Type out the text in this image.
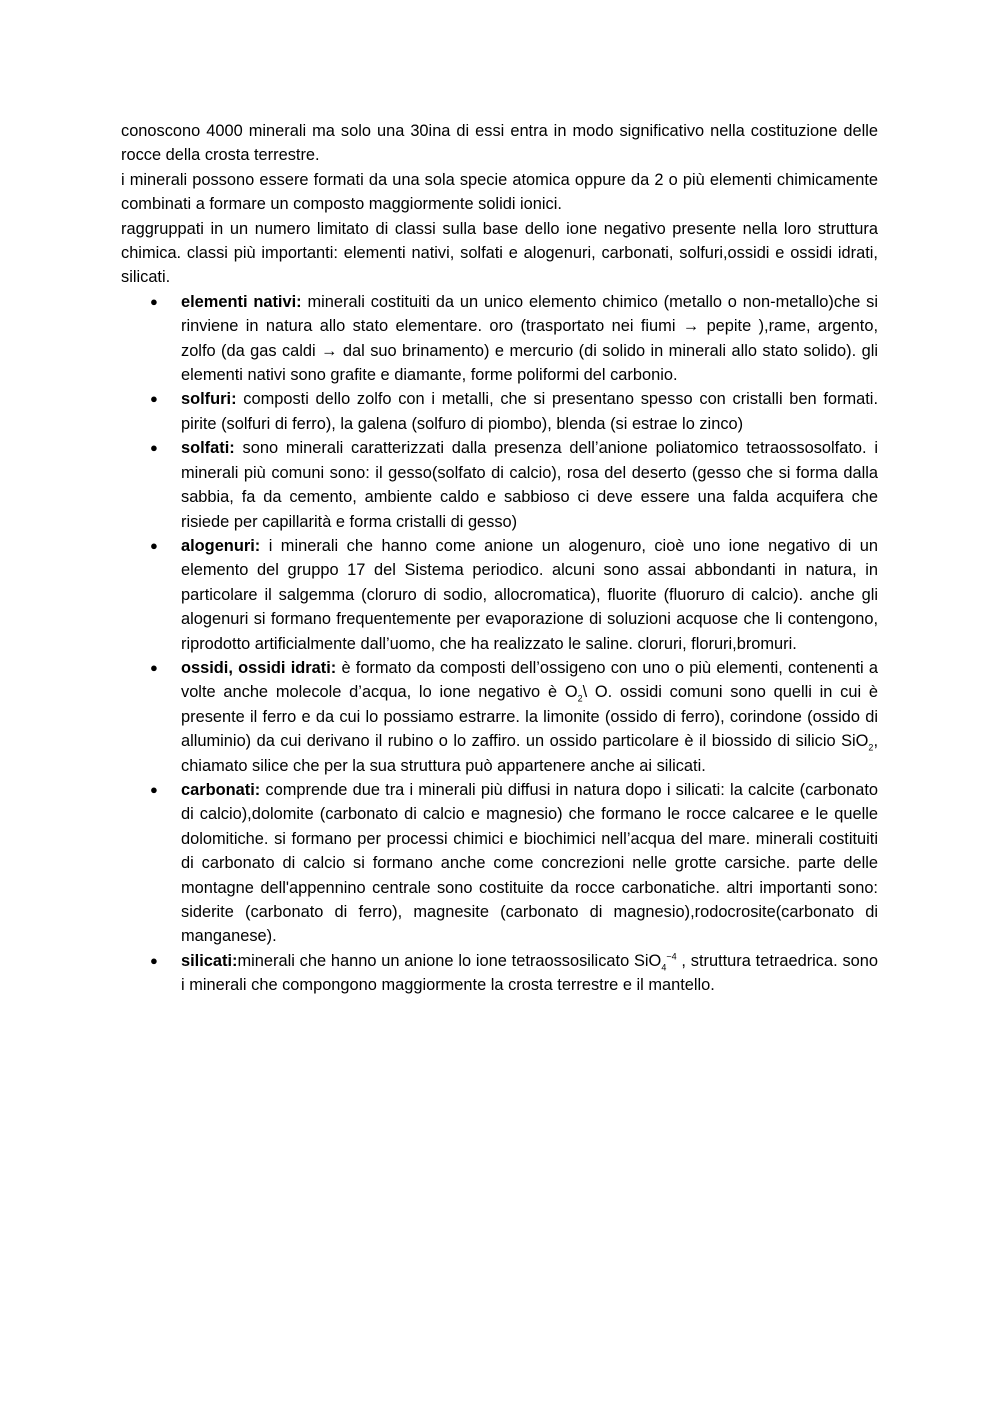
conoscono 4000 minerali ma solo una 30ina di essi entra in modo significativo nella costituzione delle rocce della crosta terrestre.

i minerali possono essere formati da una sola specie atomica oppure da 2 o più elementi chimicamente combinati a formare un composto maggiormente solidi ionici.

raggruppati in un numero limitato di classi sulla base dello ione negativo presente nella loro struttura chimica. classi più importanti: elementi nativi, solfati e alogenuri, carbonati, solfuri,ossidi e ossidi idrati, silicati.

● elementi nativi: minerali costituiti da un unico elemento chimico (metallo o non-metallo)che si rinviene in natura allo stato elementare. oro (trasportato nei fiumi → pepite ),rame, argento, zolfo (da gas caldi → dal suo brinamento) e mercurio (di solido in minerali allo stato solido). gli elementi nativi sono grafite e diamante, forme poliformi del carbonio.
● solfuri: composti dello zolfo con i metalli, che si presentano spesso con cristalli ben formati. pirite (solfuri di ferro), la galena (solfuro di piombo), blenda (si estrae lo zinco)
● solfati: sono minerali caratterizzati dalla presenza dell’anione poliatomico tetraossosolfato. i minerali più comuni sono: il gesso(solfato di calcio), rosa del deserto (gesso che si forma dalla sabbia, fa da cemento, ambiente caldo e sabbioso ci deve essere una falda acquifera che risiede per capillarità e forma cristalli di gesso)
● alogenuri: i minerali che hanno come anione un alogenuro, cioè uno ione negativo di un elemento del gruppo 17 del Sistema periodico. alcuni sono assai abbondanti in natura, in particolare il salgemma (cloruro di sodio, allocromatica), fluorite (fluoruro di calcio). anche gli alogenuri si formano frequentemente per evaporazione di soluzioni acquose che li contengono, riprodotto artificialmente dall’uomo, che ha realizzato le saline. cloruri, floruri,bromuri.
● ossidi, ossidi idrati: è formato da composti dell’ossigeno con uno o più elementi, contenenti a volte anche molecole d’acqua, lo ione negativo è $O_2\backslash$ O. ossidi comuni sono quelli in cui è presente il ferro e da cui lo possiamo estrarre. la limonite (ossido di ferro), corindone (ossido di alluminio) da cui derivano il rubino o lo zaffiro. un ossido particolare è il biossido di silicio SiO$_2$, chiamato silice che per la sua struttura può appartenere anche ai silicati.
● carbonati: comprende due tra i minerali più diffusi in natura dopo i silicati: la calcite (carbonato di calcio),dolomite (carbonato di calcio e magnesio) che formano le rocce calcaree e le quelle dolomitiche. si formano per processi chimici e biochimici nell’acqua del mare. minerali costituiti di carbonato di calcio si formano anche come concrezioni nelle grotte carsiche. parte delle montagne dell'appennino centrale sono costituite da rocce carbonatiche. altri importanti sono: siderite (carbonato di ferro), magnesite (carbonato di magnesio),rodocrosite(carbonato di manganese).
● silicati:minerali che hanno un anione lo ione tetraossosilicato SiO$_4^{-4}$ , struttura tetraedrica. sono i minerali che compongono maggiormente la crosta terrestre e il mantello.
